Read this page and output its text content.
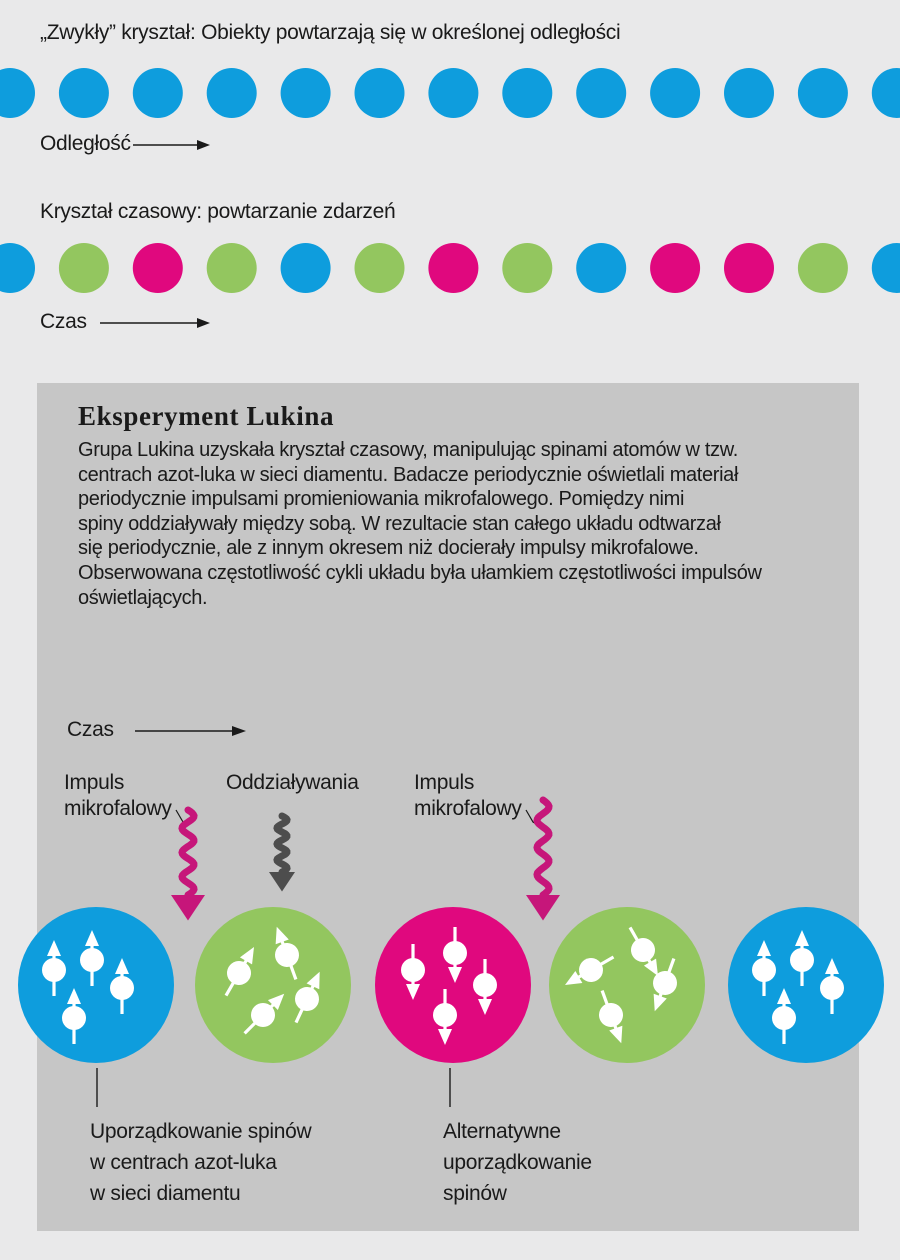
„Zwykły” kryształ: Obiekty powtarzają się w określonej odległości
Odległość
Kryształ czasowy: powtarzanie zdarzeń
Czas
Eksperyment Lukina
Grupa Lukina uzyskała kryształ czasowy, manipulując spinami atomów w tzw.
centrach azot-luka w sieci diamentu. Badacze periodycznie oświetlali materiał
periodycznie impulsami promieniowania mikrofalowego. Pomiędzy nimi
spiny oddziaływały między sobą. W rezultacie stan całego układu odtwarzał
się periodycznie, ale z innym okresem niż docierały impulsy mikrofalowe.
Obserwowana częstotliwość cykli układu była ułamkiem częstotliwości impulsów
oświetlających.
Czas
Impuls
mikrofalowy
Oddziaływania	Impuls
mikrofalowy
Uporządkowanie spinów
w centrach azot-luka
w sieci diamentu
Alternatywne
uporządkowanie
spinów
